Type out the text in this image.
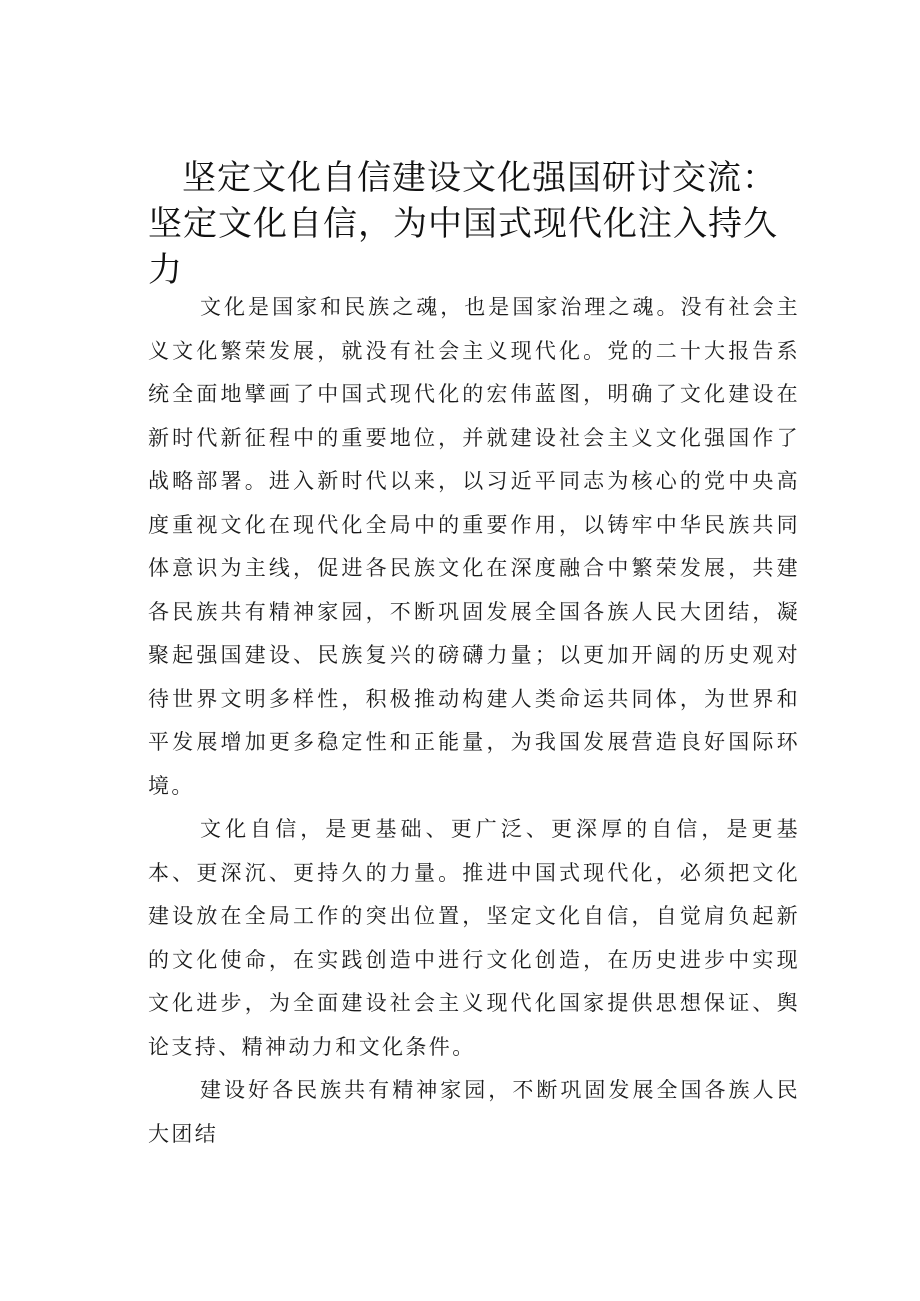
坚定文化自信建设文化强国研讨交流：坚定文化自信，为中国式现代化注入持久力

文化是国家和民族之魂，也是国家治理之魂。没有社会主义文化繁荣发展，就没有社会主义现代化。党的二十大报告系统全面地擘画了中国式现代化的宏伟蓝图，明确了文化建设在新时代新征程中的重要地位，并就建设社会主义文化强国作了战略部署。进入新时代以来，以习近平同志为核心的党中央高度重视文化在现代化全局中的重要作用，以铸牢中华民族共同体意识为主线，促进各民族文化在深度融合中繁荣发展，共建各民族共有精神家园，不断巩固发展全国各族人民大团结，凝聚起强国建设、民族复兴的磅礴力量；以更加开阔的历史观对待世界文明多样性，积极推动构建人类命运共同体，为世界和平发展增加更多稳定性和正能量，为我国发展营造良好国际环境。

文化自信，是更基础、更广泛、更深厚的自信，是更基本、更深沉、更持久的力量。推进中国式现代化，必须把文化建设放在全局工作的突出位置，坚定文化自信，自觉肩负起新的文化使命，在实践创造中进行文化创造，在历史进步中实现文化进步，为全面建设社会主义现代化国家提供思想保证、舆论支持、精神动力和文化条件。

建设好各民族共有精神家园，不断巩固发展全国各族人民大团结
